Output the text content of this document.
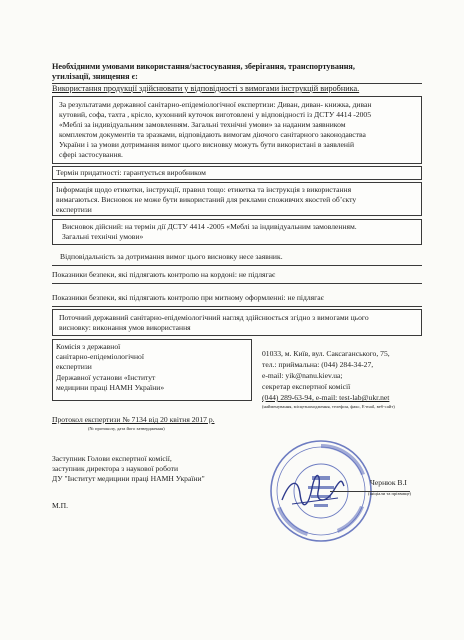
Необхідними умовами використання/застосування, зберігання, транспортування,
утилізації, знищення є:
Використання продукції здійснювати у відповідності з вимогами інструкцій виробника.
За результатами державної санітарно-епідеміологічної експертизи: Диван, диван- книжка, диван
кутовий, софа, тахта , крісло, кухонний куточок виготовлені у відповідності із ДСТУ 4414 -2005
«Меблі за індивідуальним замовленням. Загальні технічні умови» за наданим заявником
комплектом документів та зразками, відповідають вимогам діючого санітарного законодавства
України і за умови дотримання вимог цього висновку можуть бути використані в заявленій
сфері застосування.
Термін придатності: гарантується виробником
Інформація щодо етикетки, інструкції, правил тощо: етикетка та інструкція з використання
вимагаються. Висновок не може бути використаний для реклами споживчих якостей об’єкту
експертизи
Висновок дійсний: на термін дії ДСТУ 4414 -2005 «Меблі за індивідуальним замовленням.
Загальні технічні умови»
Відповідальність за дотримання вимог цього висновку несе заявник.
Показники безпеки, які підлягають контролю на кордоні: не підлягає
Показники безпеки, які підлягають контролю при митному оформленні: не підлягає
Поточний державний санітарно-епідеміологічний нагляд здійснюється згідно з вимогами цього
висновку: виконання умов використання
Комісія з державної
санітарно-епідеміологічної
експертизи
Державної установи «Інститут
медицини праці НАМН України»
01033, м. Київ, вул. Саксаганського, 75,
тел.: приймальна: (044) 284-34-27,
e-mail: yik@nanu.kiev.ua;
секретар експертної комісії
(044) 289-63-94, e-mail: test-lab@ukr.net
(найменування, місцезнаходження, телефон, факс, E-mail, веб-сайт)
Протокол експертизи № 7134 від 20 квітня 2017 р.
(№ протоколу, дата його затвердження)
Заступник Голови експертної комісії,
заступник директора з наукової роботи
ДУ "Інститут медицини праці НАМН України"
М.П.
Чернюк В.І
(ініціали та прізвище)
